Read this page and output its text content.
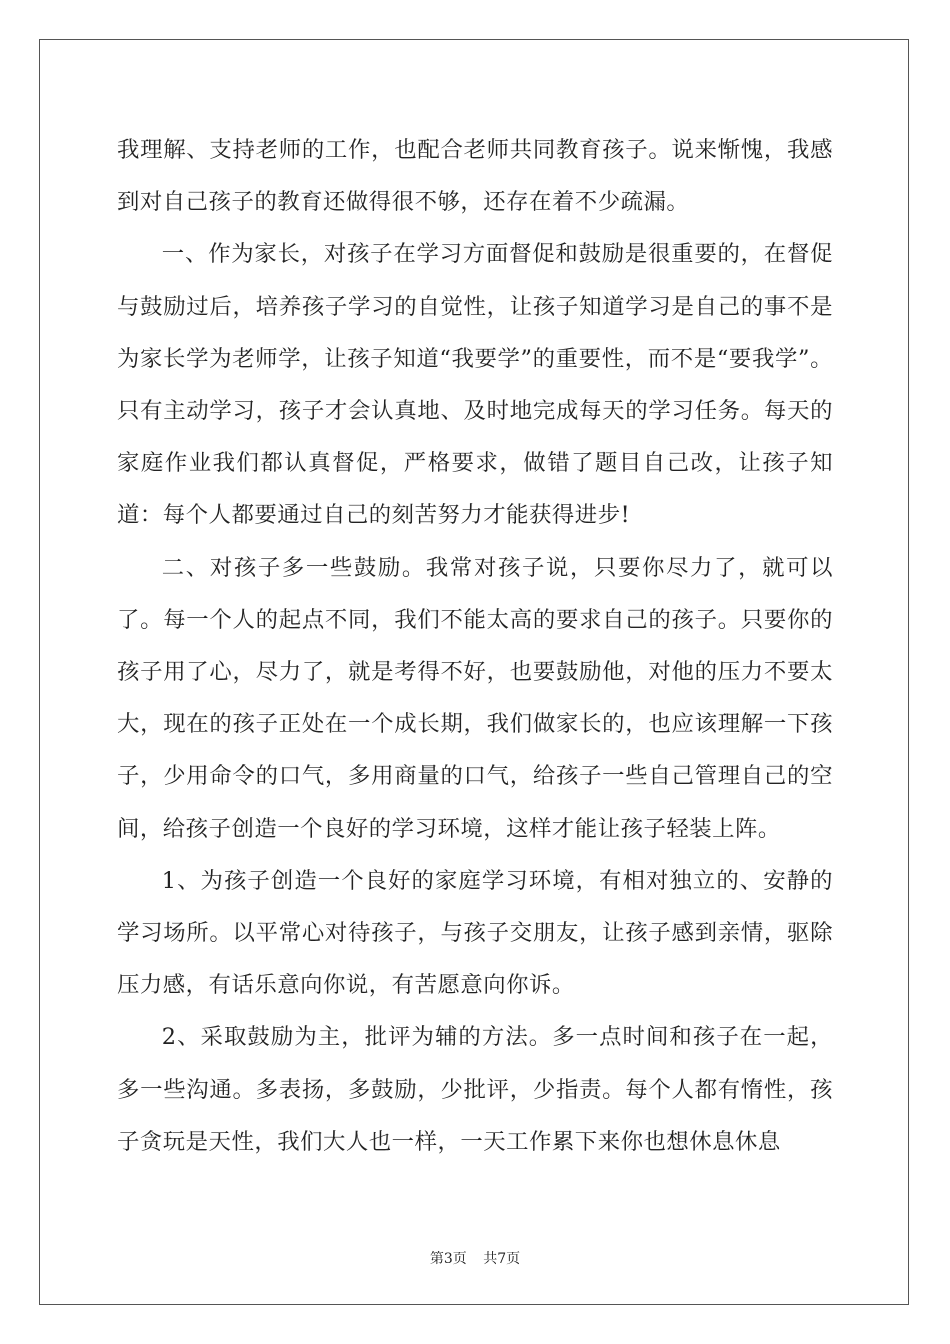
我理解、支持老师的工作，也配合老师共同教育孩子。说来惭愧，我感到对自己孩子的教育还做得很不够，还存在着不少疏漏。

一、作为家长，对孩子在学习方面督促和鼓励是很重要的，在督促与鼓励过后，培养孩子学习的自觉性，让孩子知道学习是自己的事不是为家长学为老师学，让孩子知道“我要学”的重要性，而不是“要我学”。只有主动学习，孩子才会认真地、及时地完成每天的学习任务。每天的家庭作业我们都认真督促，严格要求，做错了题目自己改，让孩子知道：每个人都要通过自己的刻苦努力才能获得进步!

二、对孩子多一些鼓励。我常对孩子说，只要你尽力了，就可以了。每一个人的起点不同，我们不能太高的要求自己的孩子。只要你的孩子用了心，尽力了，就是考得不好，也要鼓励他，对他的压力不要太大，现在的孩子正处在一个成长期，我们做家长的，也应该理解一下孩子，少用命令的口气，多用商量的口气，给孩子一些自己管理自己的空间，给孩子创造一个良好的学习环境，这样才能让孩子轻装上阵。

1、为孩子创造一个良好的家庭学习环境，有相对独立的、安静的学习场所。以平常心对待孩子，与孩子交朋友，让孩子感到亲情，驱除压力感，有话乐意向你说，有苦愿意向你诉。

2、采取鼓励为主，批评为辅的方法。多一点时间和孩子在一起，多一些沟通。多表扬，多鼓励，少批评，少指责。每个人都有惰性，孩子贪玩是天性，我们大人也一样，一天工作累下来你也想休息休息

第3页 共7页
